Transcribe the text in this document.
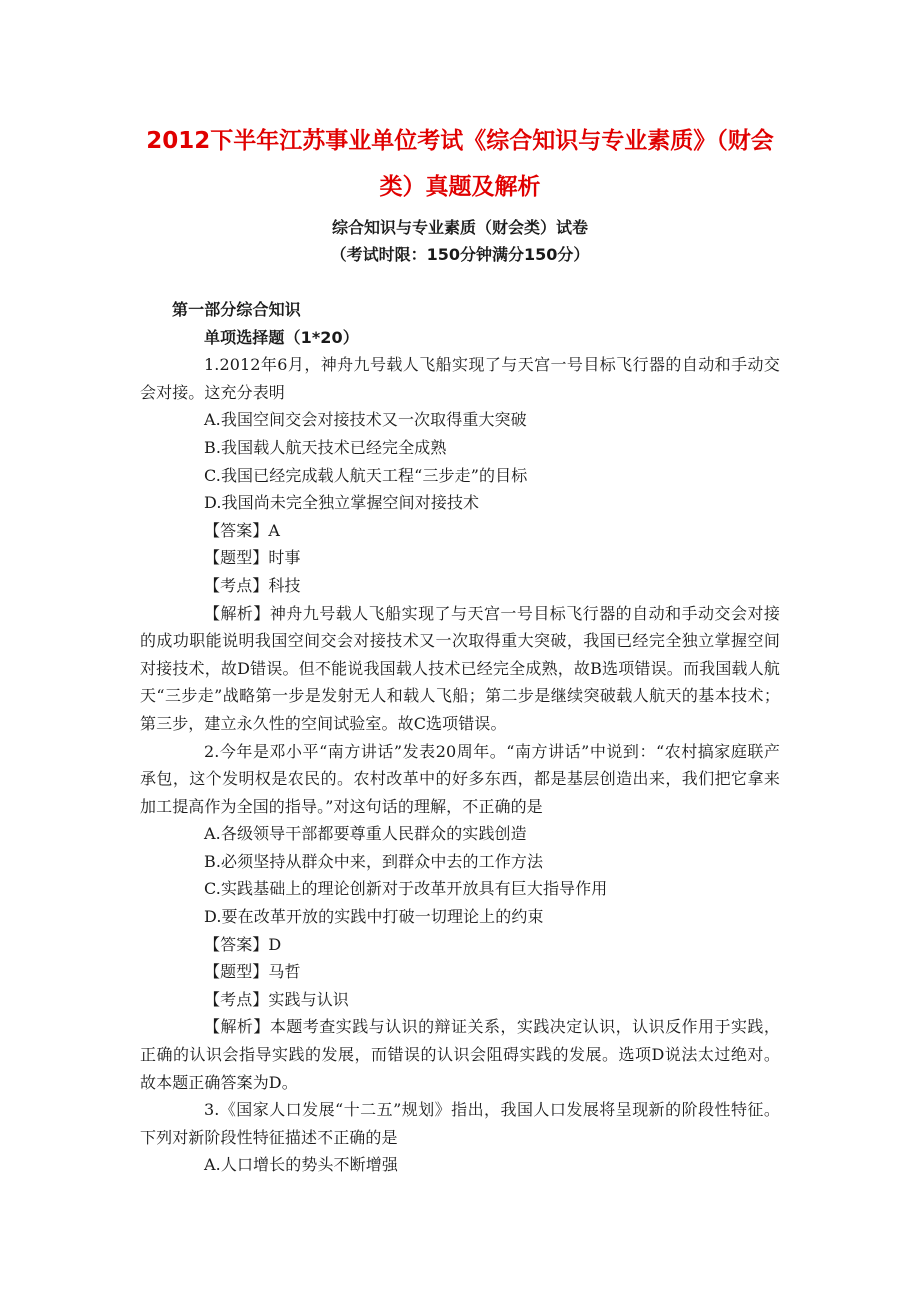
2012下半年江苏事业单位考试《综合知识与专业素质》（财会
类）真题及解析
综合知识与专业素质（财会类）试卷
（考试时限：150分钟满分150分）

第一部分综合知识

单项选择题（1*20）

1.2012年6月，神舟九号载人飞船实现了与天宫一号目标飞行器的自动和手动交会对接。这充分表明

A.我国空间交会对接技术又一次取得重大突破

B.我国载人航天技术已经完全成熟

C.我国已经完成载人航天工程“三步走”的目标

D.我国尚未完全独立掌握空间对接技术

【答案】A

【题型】时事

【考点】科技

【解析】神舟九号载人飞船实现了与天宫一号目标飞行器的自动和手动交会对接的成功职能说明我国空间交会对接技术又一次取得重大突破，我国已经完全独立掌握空间对接技术，故D错误。但不能说我国载人技术已经完全成熟，故B选项错误。而我国载人航天“三步走”战略第一步是发射无人和载人飞船；第二步是继续突破载人航天的基本技术；第三步，建立永久性的空间试验室。故C选项错误。

2.今年是邓小平“南方讲话”发表20周年。“南方讲话”中说到：“农村搞家庭联产承包，这个发明权是农民的。农村改革中的好多东西，都是基层创造出来，我们把它拿来加工提高作为全国的指导。”对这句话的理解，不正确的是

A.各级领导干部都要尊重人民群众的实践创造

B.必须坚持从群众中来，到群众中去的工作方法

C.实践基础上的理论创新对于改革开放具有巨大指导作用

D.要在改革开放的实践中打破一切理论上的约束

【答案】D

【题型】马哲

【考点】实践与认识

【解析】本题考查实践与认识的辩证关系，实践决定认识，认识反作用于实践，正确的认识会指导实践的发展，而错误的认识会阻碍实践的发展。选项D说法太过绝对。故本题正确答案为D。

3.《国家人口发展“十二五”规划》指出，我国人口发展将呈现新的阶段性特征。下列对新阶段性特征描述不正确的是

A.人口增长的势头不断增强
